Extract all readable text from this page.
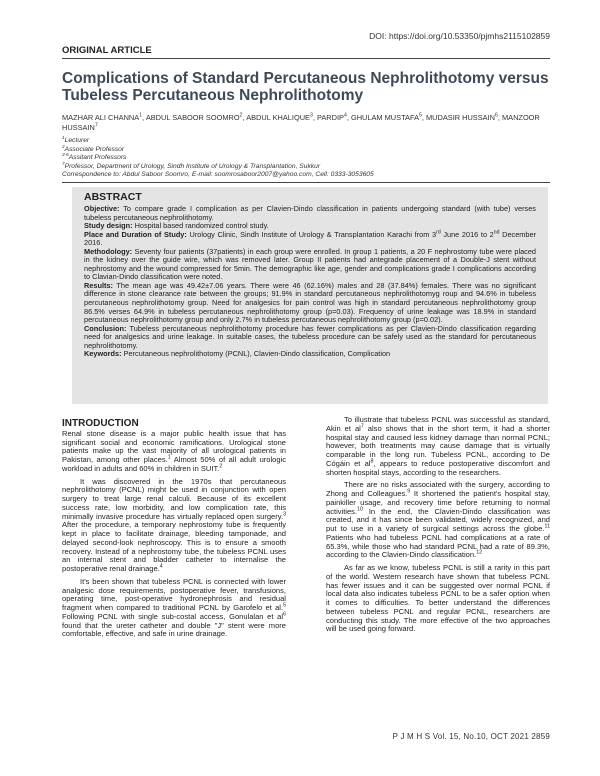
DOI: https://doi.org/10.53350/pjmhs2115102859
ORIGINAL ARTICLE
Complications of Standard Percutaneous Nephrolithotomy versus Tubeless Percutaneous Nephrolithotomy
MAZHAR ALI CHANNA$^1$, ABDUL SABOOR SOOMRO$^2$, ABDUL KHALIQUE$^3$, PARDIP$^4$, GHULAM MUSTAFA$^5$, MUDASIR HUSSAIN$^6$, MANZOOR HUSSAIN$^7$
$^1$Lecturer
$^2$Associate Professor
$^{3-6}$Assitant Professors
$^7$Professor, Department of Urology, Sindh Institute of Urology & Transplantation, Sukkur
Correspondence to: Abdul Saboor Soomro, E-mail: soomrosaboor2007@yahoo.com, Cell: 0333-3053605
ABSTRACT

Objective: To compare grade I complication as per Clavien-Dindo classification in patients undergoing standard (with tube) verses tubeless percutaneous nephrolithotomy.

Study design: Hospital based randomized control study.

Place and Duration of Study: Urology Clinic, Sindh Institute of Urology & Transplantation Karachi from 3rd June 2016 to 2nd December 2016.

Methodology: Seventy four patients (37patients) in each group were enrolled. In group 1 patients, a 20 F nephrostomy tube were placed in the kidney over the guide wire, which was removed later. Group II patients had antegrade placement of a Double-J stent without nephrostomy and the wound compressed for 5min. The demographic like age, gender and complications grade I complications according to Clavian-Dindo classification were noted.

Results: The mean age was 49.42±7.06 years. There were 46 (62.16%) males and 28 (37.84%) females. There was no significant difference in stone clearance rate between the groups; 91.9% in standard percutaneous nephrolithotomyg roup and 94.6% in tubeless percutaneous nephrolithotomy group. Need for analgesics for pain control was high in standard percutaneous nephrolithotomy group 86.5% verses 64.9% in tubeless percutaneous nephrolithotomy group (p=0.03). Frequency of urine leakage was 18.9% in standard percutaneous nephrolithotomy group and only 2.7% in tubeless percutaneous nephrolithotomy group (p=0.02).

Conclusion: Tubeless percutaneous nephrolithotomy procedure has fewer complications as per Clavien-Dindo classification regarding need for analgesics and urine leakage. In suitable cases, the tubeless procedure can be safely used as the standard for percutaneous nephrolithotomy.

Keywords: Percutaneous nephrolithotomy (PCNL), Clavien-Dindo classification, Complication

INTRODUCTION

Renal stone disease is a major public health issue that has significant social and economic ramifications. Urological stone patients make up the vast majority of all urological patients in Pakistan, among other places.$^1$ Almost 50% of all adult urologic workload in adults and 60% in children in SUIT.$^2$

It was discovered in the 1970s that percutaneous nephrolithotomy (PCNL) might be used in conjunction with open surgery to treat large renal calculi. Because of its excellent success rate, low morbidity, and low complication rate, this minimally invasive procedure has virtually replaced open surgery.$^3$ After the procedure, a temporary nephrostomy tube is frequently kept in place to facilitate drainage, bleeding tamponade, and delayed second-look nephroscopy. This is to ensure a smooth recovery. Instead of a nephrostomy tube, the tubeless PCNL uses an internal stent and bladder catheter to internalise the postoperative renal drainage.$^4$

It's been shown that tubeless PCNL is connected with lower analgesic dose requirements, postoperative fever, transfusions, operating time, post-operative hydronephrosis and residual fragment when compared to traditional PCNL by Garofelo et al.$^5$ Following PCNL with single sub-costal access, Gonulalan et $al^6$ found that the ureter catheter and double "J" stent were more comfortable, effective, and safe in urine drainage.

To illustrate that tubeless PCNL was successful as standard, Akin et $al^7$ also shows that in the short term, it had a shorter hospital stay and caused less kidney damage than normal PCNL; however, both treatments may cause damage that is virtually comparable in the long run. Tubeless PCNL, according to De Cógáin et $al^8$, appears to reduce postoperative discomfort and shorten hospital stays, according to the researchers.

There are no risks associated with the surgery, according to Zhong and Colleagues.$^9$ It shortened the patient's hospital stay, painkiller usage, and recovery time before returning to normal activities.$^{10}$ In the end, the Clavien-Dindo classification was created, and it has since been validated, widely recognized, and put to use in a variety of surgical settings across the globe.$^{11}$ Patients who had tubeless PCNL had complications at a rate of 65.3%, while those who had standard PCNL had a rate of 89.3%, according to the Clavien-Dindo classification.$^{12}$

As far as we know, tubeless PCNL is still a rarity in this part of the world. Western research have shown that tubeless PCNL has fewer issues and it can be suggested over normal PCNL if local data also indicates tubeless PCNL to be a safer option when it comes to difficulties. To better understand the differences between tubeless PCNL and regular PCNL, researchers are conducting this study. The more effective of the two approaches will be used going forward.

P J M H S Vol. 15, No.10, OCT 2021 2859
